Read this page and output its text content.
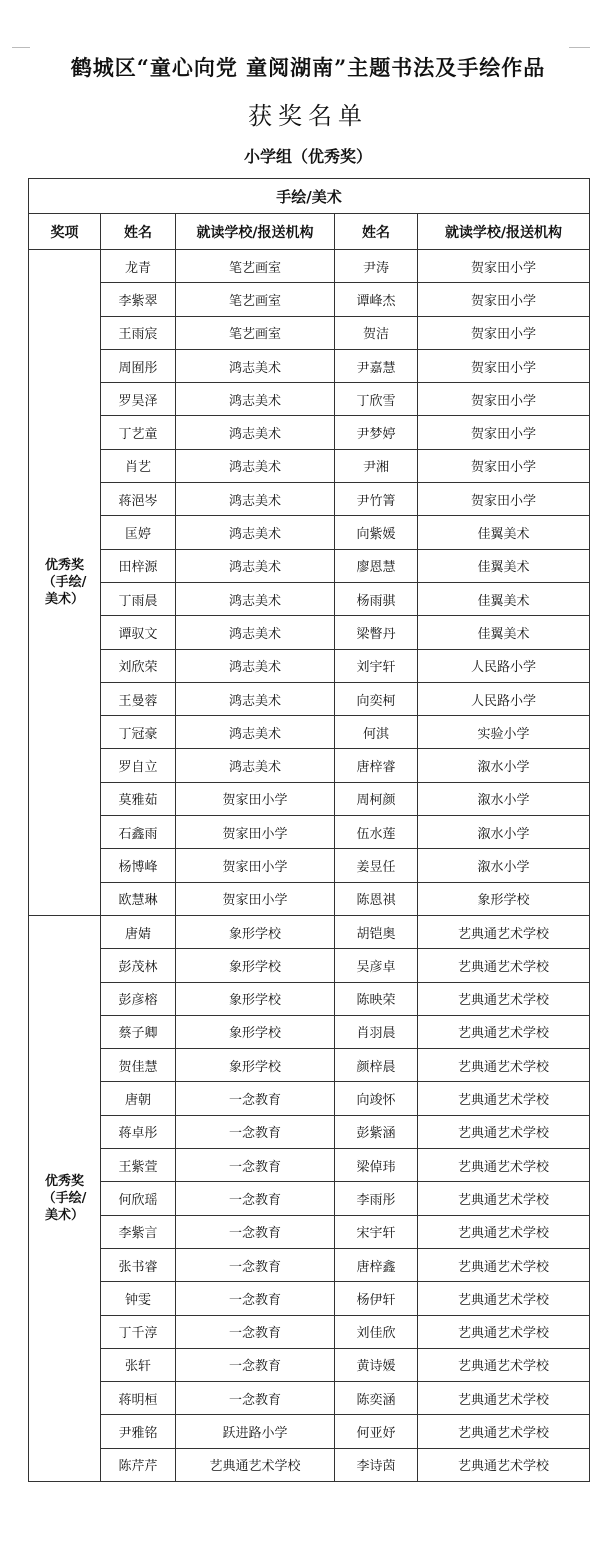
鹤城区“童心向党 童阅湖南”主题书法及手绘作品
获奖名单
小学组（优秀奖）
手绘/美术				
奖项	姓名	就读学校/报送机构	姓名	就读学校/报送机构

优秀奖
（手绘/
美术）	龙青	笔艺画室	尹涛	贺家田小学
	李紫翠	笔艺画室	谭峰杰	贺家田小学
	王雨宸	笔艺画室	贺洁	贺家田小学
	周囿彤	鸿志美术	尹嘉慧	贺家田小学
	罗昊泽	鸿志美术	丁欣雪	贺家田小学
	丁艺童	鸿志美术	尹梦婷	贺家田小学
	肖艺	鸿志美术	尹湘	贺家田小学
	蒋浥岑	鸿志美术	尹竹箐	贺家田小学
	匡婷	鸿志美术	向紫媛	佳翼美术
	田梓源	鸿志美术	廖恩慧	佳翼美术
	丁雨晨	鸿志美术	杨雨骐	佳翼美术
	谭驭文	鸿志美术	梁瞥丹	佳翼美术
	刘欣荣	鸿志美术	刘宇轩	人民路小学
	王曼蓉	鸿志美术	向奕柯	人民路小学
	丁冠豪	鸿志美术	何淇	实验小学
	罗自立	鸿志美术	唐梓睿	溆水小学
	莫雅茹	贺家田小学	周柯颜	溆水小学
	石鑫雨	贺家田小学	伍水莲	溆水小学
	杨博峰	贺家田小学	姜昱任	溆水小学
	欧慧琳	贺家田小学	陈恩祺	象形学校

优秀奖
（手绘/
美术）	唐婧	象形学校	胡铠奥	艺典通艺术学校
	彭茂林	象形学校	吴彦卓	艺典通艺术学校
	彭彦榕	象形学校	陈映荣	艺典通艺术学校
	蔡子卿	象形学校	肖羽晨	艺典通艺术学校
	贺佳慧	象形学校	颜梓晨	艺典通艺术学校
	唐朝	一念教育	向竣怀	艺典通艺术学校
	蒋卓彤	一念教育	彭紫涵	艺典通艺术学校
	王紫萱	一念教育	梁倬玮	艺典通艺术学校
	何欣瑶	一念教育	李雨彤	艺典通艺术学校
	李紫言	一念教育	宋宇轩	艺典通艺术学校
	张书睿	一念教育	唐梓鑫	艺典通艺术学校
	钟雯	一念教育	杨伊轩	艺典通艺术学校
	丁千淳	一念教育	刘佳欣	艺典通艺术学校
	张轩	一念教育	黄诗媛	艺典通艺术学校
	蒋明桓	一念教育	陈奕涵	艺典通艺术学校
	尹雅铭	跃进路小学	何亚妤	艺典通艺术学校
	陈芹芹	艺典通艺术学校	李诗茵	艺典通艺术学校
